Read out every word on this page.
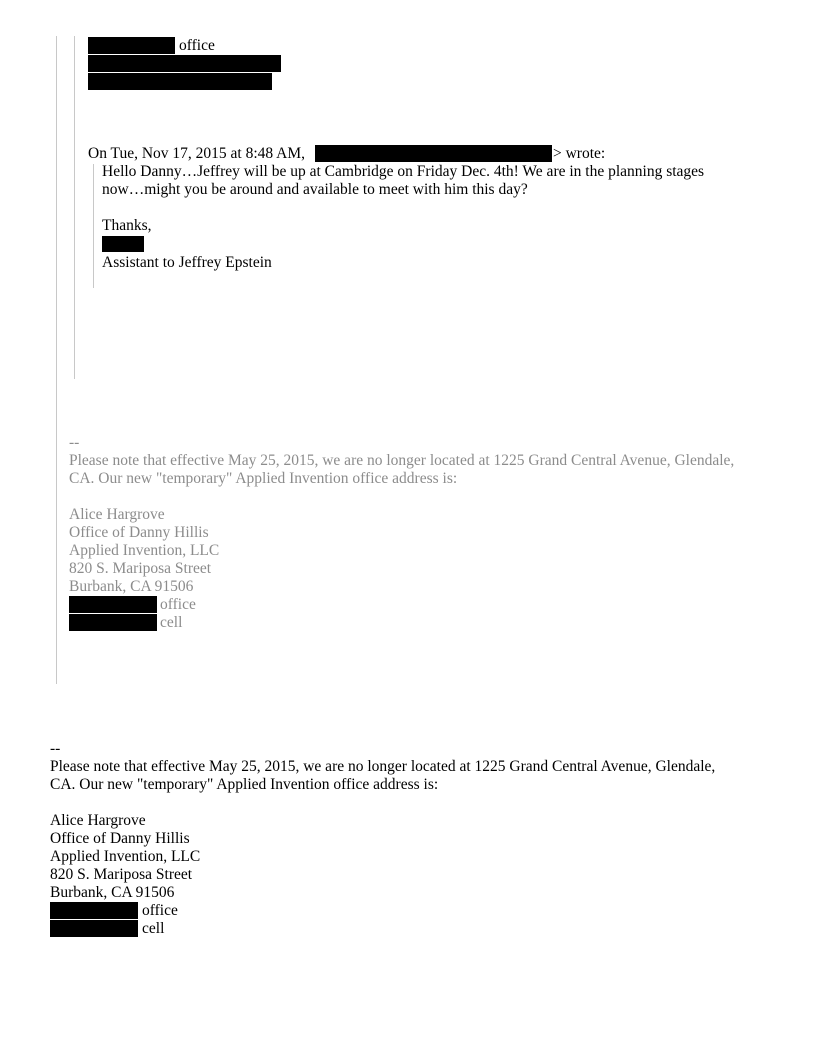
office
On Tue, Nov 17, 2015 at 8:48 AM,	> wrote:
Hello Danny…Jeffrey will be up at Cambridge on Friday Dec. 4th! We are in the planning stages
now…might you be around and available to meet with him this day?
Thanks,
Assistant to Jeffrey Epstein
--
Please note that effective May 25, 2015, we are no longer located at 1225 Grand Central Avenue, Glendale,
CA. Our new "temporary" Applied Invention office address is:
Alice Hargrove
Office of Danny Hillis
Applied Invention, LLC
820 S. Mariposa Street
Burbank, CA 91506
office
cell
--
Please note that effective May 25, 2015, we are no longer located at 1225 Grand Central Avenue, Glendale,
CA. Our new "temporary" Applied Invention office address is:
Alice Hargrove
Office of Danny Hillis
Applied Invention, LLC
820 S. Mariposa Street
Burbank, CA 91506
office
cell
